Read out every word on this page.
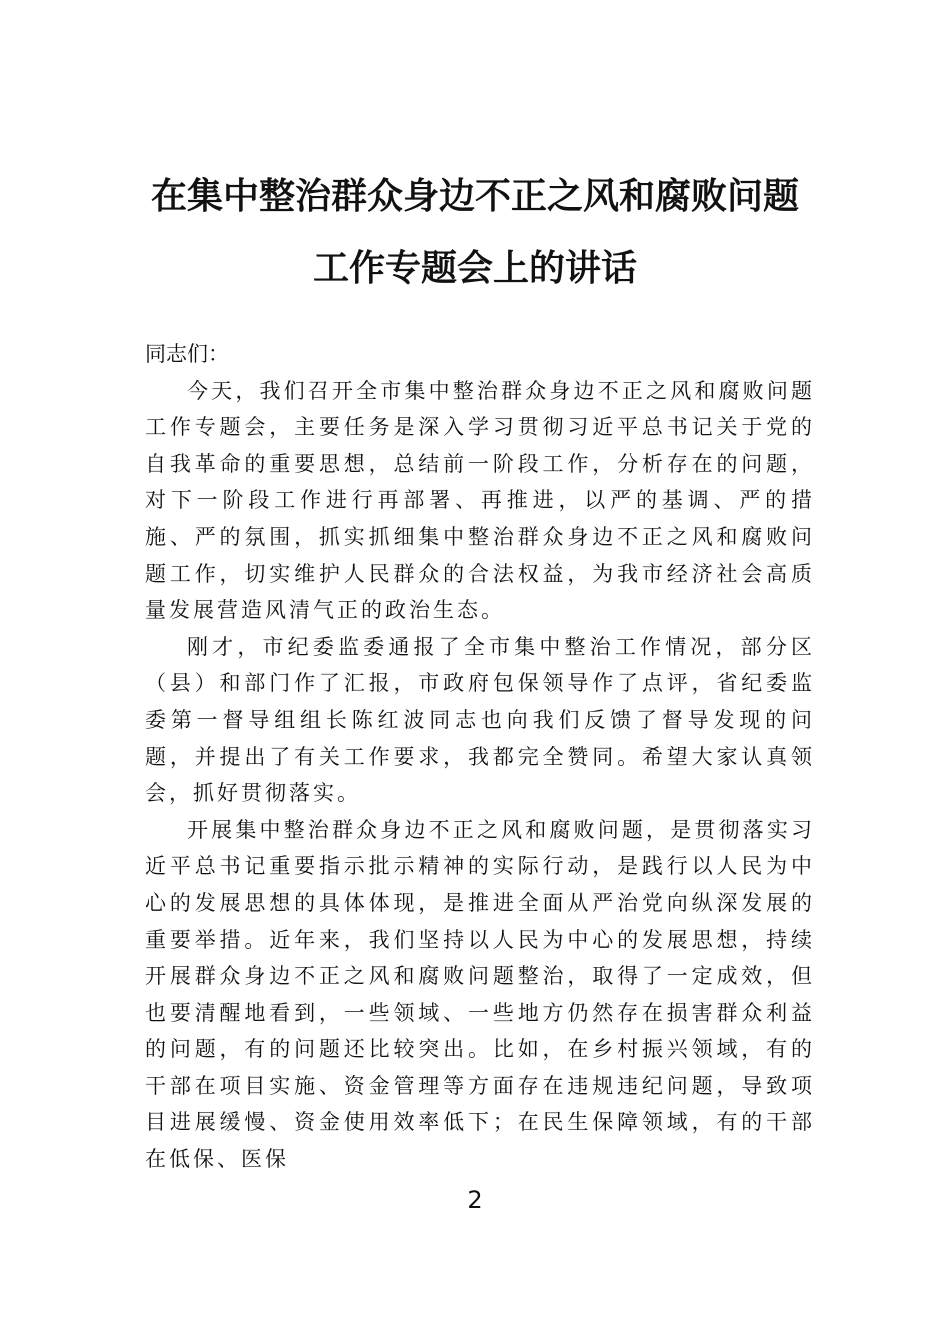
在集中整治群众身边不正之风和腐败问题
工作专题会上的讲话

同志们：

今天，我们召开全市集中整治群众身边不正之风和腐败问题工作专题会，主要任务是深入学习贯彻习近平总书记关于党的自我革命的重要思想，总结前一阶段工作，分析存在的问题，对下一阶段工作进行再部署、再推进，以严的基调、严的措施、严的氛围，抓实抓细集中整治群众身边不正之风和腐败问题工作，切实维护人民群众的合法权益，为我市经济社会高质量发展营造风清气正的政治生态。

刚才，市纪委监委通报了全市集中整治工作情况，部分区（县）和部门作了汇报，市政府包保领导作了点评，省纪委监委第一督导组组长陈红波同志也向我们反馈了督导发现的问题，并提出了有关工作要求，我都完全赞同。希望大家认真领会，抓好贯彻落实。

开展集中整治群众身边不正之风和腐败问题，是贯彻落实习近平总书记重要指示批示精神的实际行动，是践行以人民为中心的发展思想的具体体现，是推进全面从严治党向纵深发展的重要举措。近年来，我们坚持以人民为中心的发展思想，持续开展群众身边不正之风和腐败问题整治，取得了一定成效，但也要清醒地看到，一些领域、一些地方仍然存在损害群众利益的问题，有的问题还比较突出。比如，在乡村振兴领域，有的干部在项目实施、资金管理等方面存在违规违纪问题，导致项目进展缓慢、资金使用效率低下；在民生保障领域，有的干部在低保、医保

2
